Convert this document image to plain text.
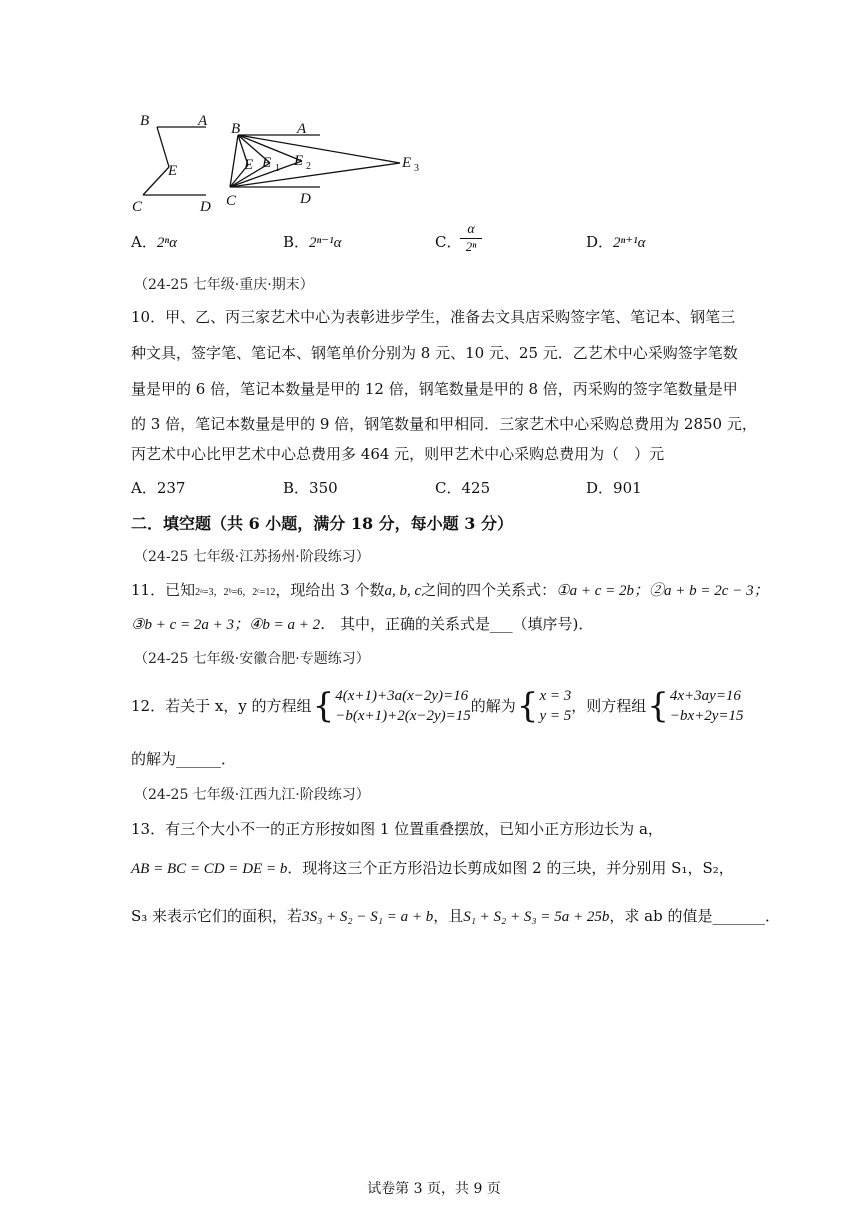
B	A
E
C	D
B	A
E E 1 E 2	E 3
C	D
A．2ⁿα	B．2ⁿ⁻¹α	C．
α
2ⁿ	D．2ⁿ⁺¹α
（24-25 七年级·重庆·期末）
10．甲、乙、丙三家艺术中心为表彰进步学生，准备去文具店采购签字笔、笔记本、钢笔三
种文具，签字笔、笔记本、钢笔单价分别为 8 元、10 元、25 元．乙艺术中心采购签字笔数
量是甲的 6 倍，笔记本数量是甲的 12 倍，钢笔数量是甲的 8 倍，丙采购的签字笔数量是甲
的 3 倍，笔记本数量是甲的 9 倍，钢笔数量和甲相同．三家艺术中心采购总费用为 2850 元，
丙艺术中心比甲艺术中心总费用多 464 元，则甲艺术中心采购总费用为（　）元
A．237	B．350	C．425	D．901
二．填空题（共 6 小题，满分 18 分，每小题 3 分）
（24-25 七年级·江苏扬州·阶段练习）
11．已知2ᵃ=3，2ᵇ=6，2ᶜ=12，现给出 3 个数a, b, c之间的四个关系式：①a + c = 2b；②a + b = 2c − 3；
③b + c = 2a + 3；④b = a + 2． 其中，正确的关系式是___（填序号)．
（24-25 七年级·安徽合肥·专题练习）
12．若关于 x，y 的方程组 { 4(x+1)+3a(x−2y)=16
−b(x+1)+2(x−2y)=15
的解为 { x = 3
y = 5
，则方程组 { 4x+3ay=16
−bx+2y=15
的解为______．
（24-25 七年级·江西九江·阶段练习）
13．有三个大小不一的正方形按如图 1 位置重叠摆放，已知小正方形边长为 a，
AB = BC = CD = DE = b．现将这三个正方形沿边长剪成如图 2 的三块，并分别用 S₁，S₂，
S₃ 来表示它们的面积，若3S₃ + S₂ − S₁ = a + b，且S₁ + S₂ + S₃ = 5a + 25b，求 ab 的值是_______．
试卷第 3 页，共 9 页
